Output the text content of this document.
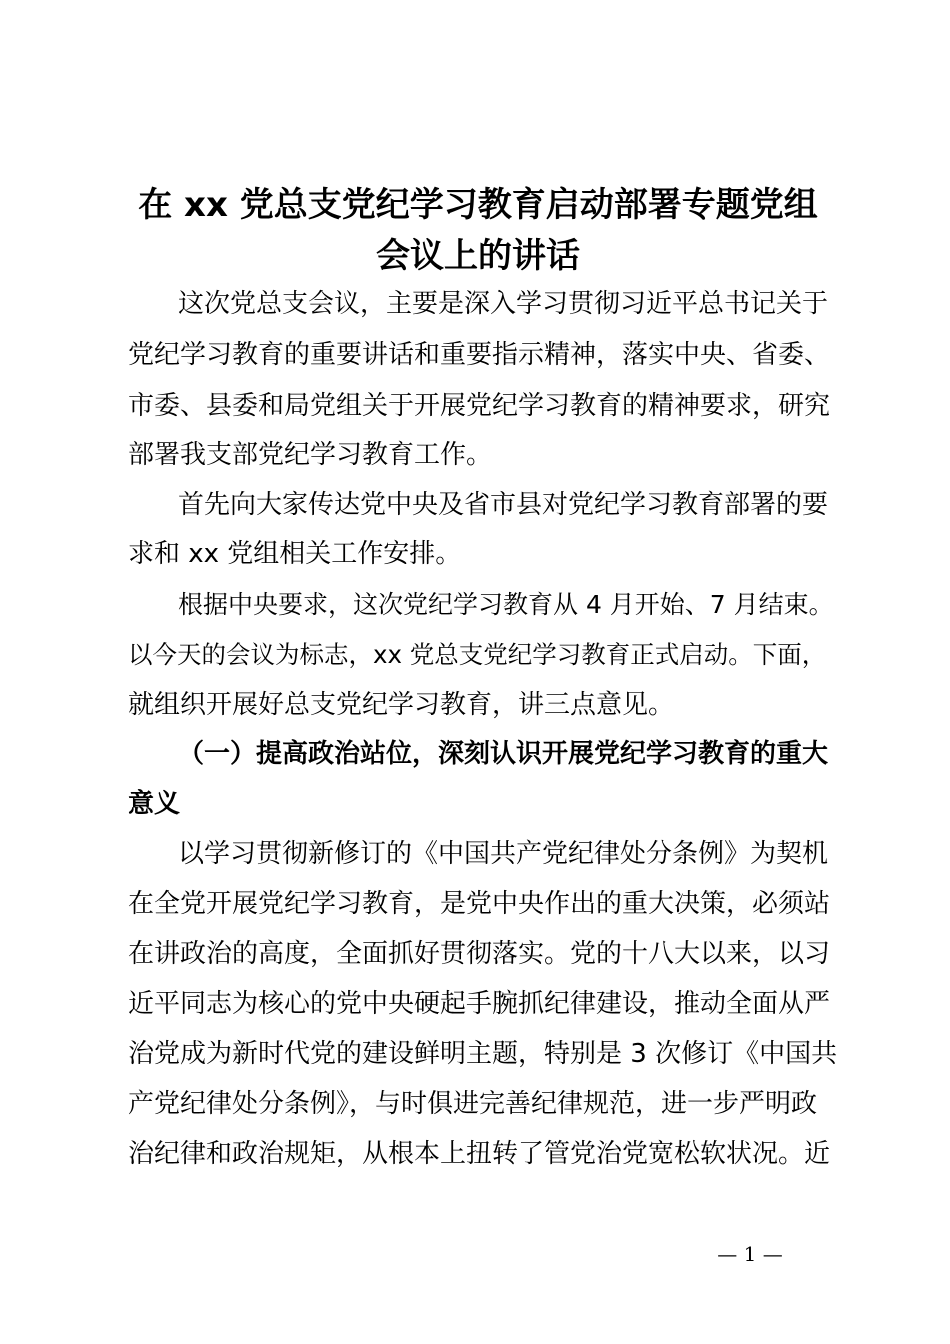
在 xx 党总支党纪学习教育启动部署专题党组
会议上的讲话
这次党总支会议，主要是深入学习贯彻习近平总书记关于
党纪学习教育的重要讲话和重要指示精神，落实中央、省委、
市委、县委和局党组关于开展党纪学习教育的精神要求，研究
部署我支部党纪学习教育工作。
首先向大家传达党中央及省市县对党纪学习教育部署的要
求和 xx 党组相关工作安排。
根据中央要求，这次党纪学习教育从 4 月开始、7 月结束。
以今天的会议为标志，xx 党总支党纪学习教育正式启动。下面，
就组织开展好总支党纪学习教育，讲三点意见。
（一）提高政治站位，深刻认识开展党纪学习教育的重大
意义
以学习贯彻新修订的《中国共产党纪律处分条例》为契机
在全党开展党纪学习教育，是党中央作出的重大决策，必须站
在讲政治的高度，全面抓好贯彻落实。党的十八大以来，以习
近平同志为核心的党中央硬起手腕抓纪律建设，推动全面从严
治党成为新时代党的建设鲜明主题，特别是 3 次修订《中国共
产党纪律处分条例》，与时俱进完善纪律规范，进一步严明政
治纪律和政治规矩，从根本上扭转了管党治党宽松软状况。近
— 1 —
